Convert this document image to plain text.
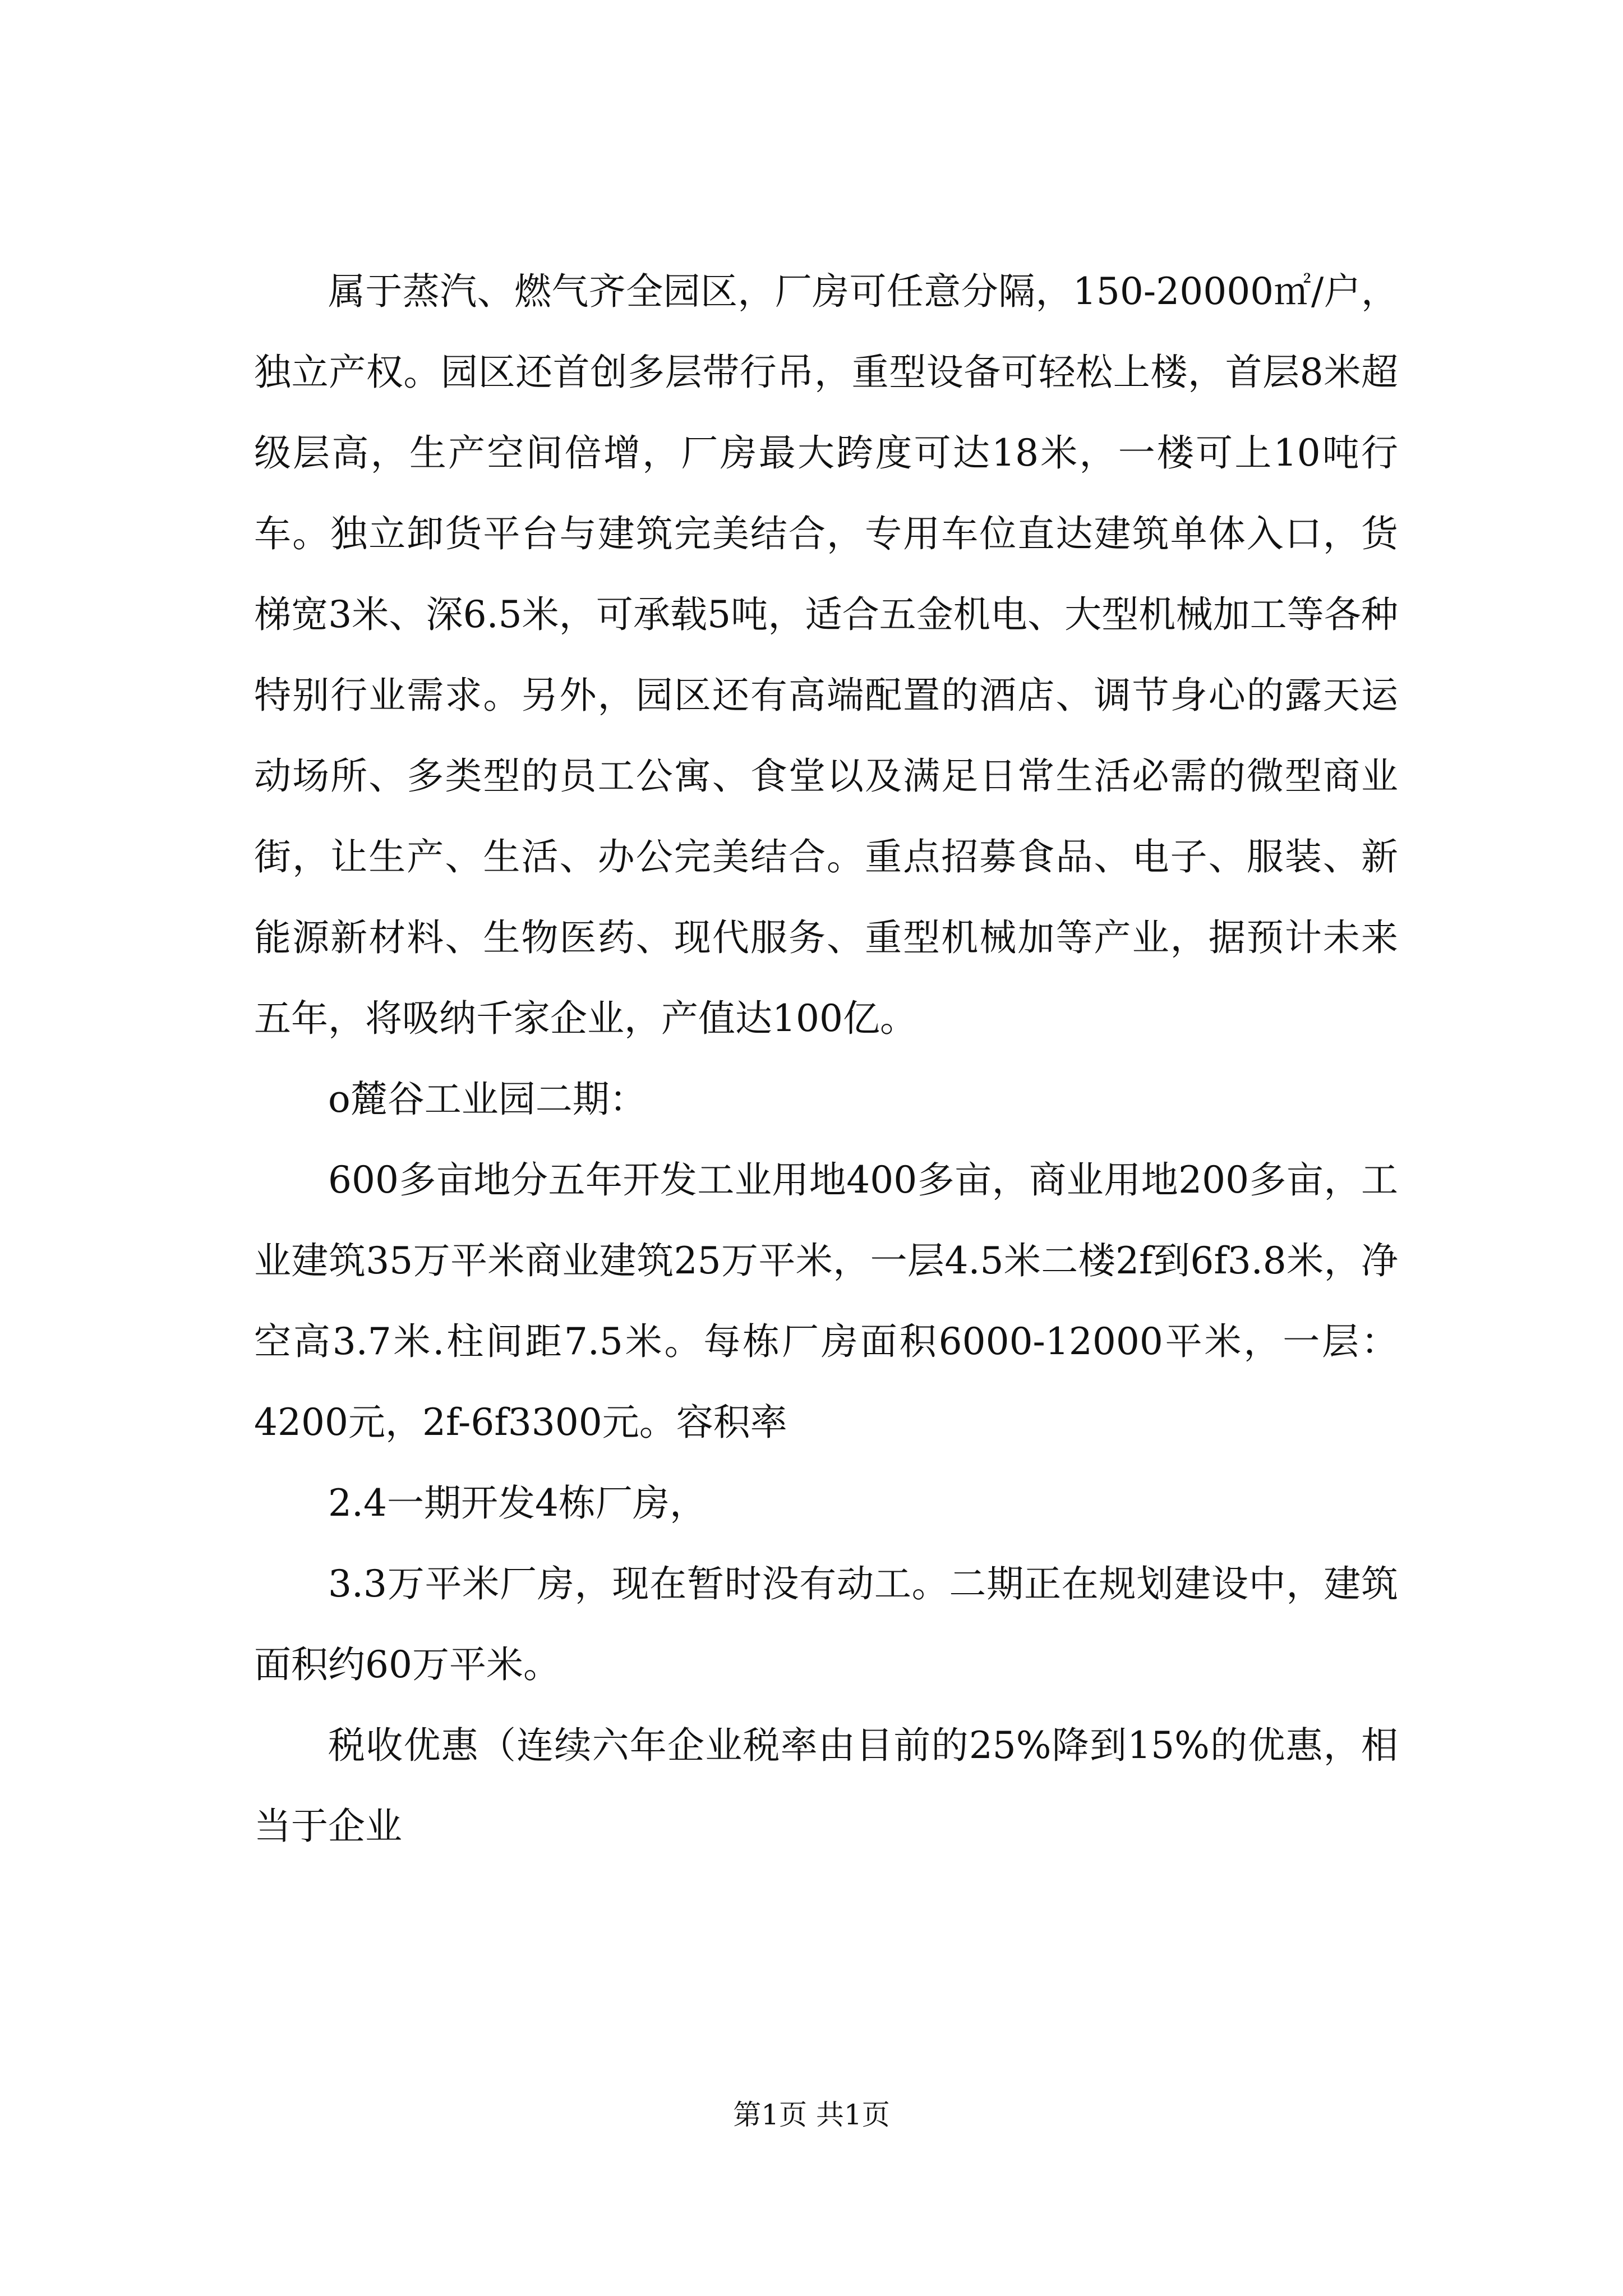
属于蒸汽、燃气齐全园区，厂房可任意分隔，150-20000㎡/户，独立产权。园区还首创多层带行吊，重型设备可轻松上楼，首层8米超级层高，生产空间倍增，厂房最大跨度可达18米，一楼可上10吨行车。独立卸货平台与建筑完美结合，专用车位直达建筑单体入口，货梯宽3米、深6.5米，可承载5吨，适合五金机电、大型机械加工等各种特别行业需求。另外，园区还有高端配置的酒店、调节身心的露天运动场所、多类型的员工公寓、食堂以及满足日常生活必需的微型商业街，让生产、生活、办公完美结合。重点招募食品、电子、服装、新能源新材料、生物医药、现代服务、重型机械加等产业，据预计未来五年，将吸纳千家企业，产值达100亿。

o麓谷工业园二期：

600多亩地分五年开发工业用地400多亩，商业用地200多亩，工业建筑35万平米商业建筑25万平米，一层4.5米二楼2f到6f3.8米，净空高3.7米.柱间距7.5米。每栋厂房面积6000-12000平米，一层：4200元，2f-6f3300元。容积率

2.4一期开发4栋厂房，

3.3万平米厂房，现在暂时没有动工。二期正在规划建设中，建筑面积约60万平米。

税收优惠（连续六年企业税率由目前的25%降到15%的优惠，相当于企业

第1页 共1页
